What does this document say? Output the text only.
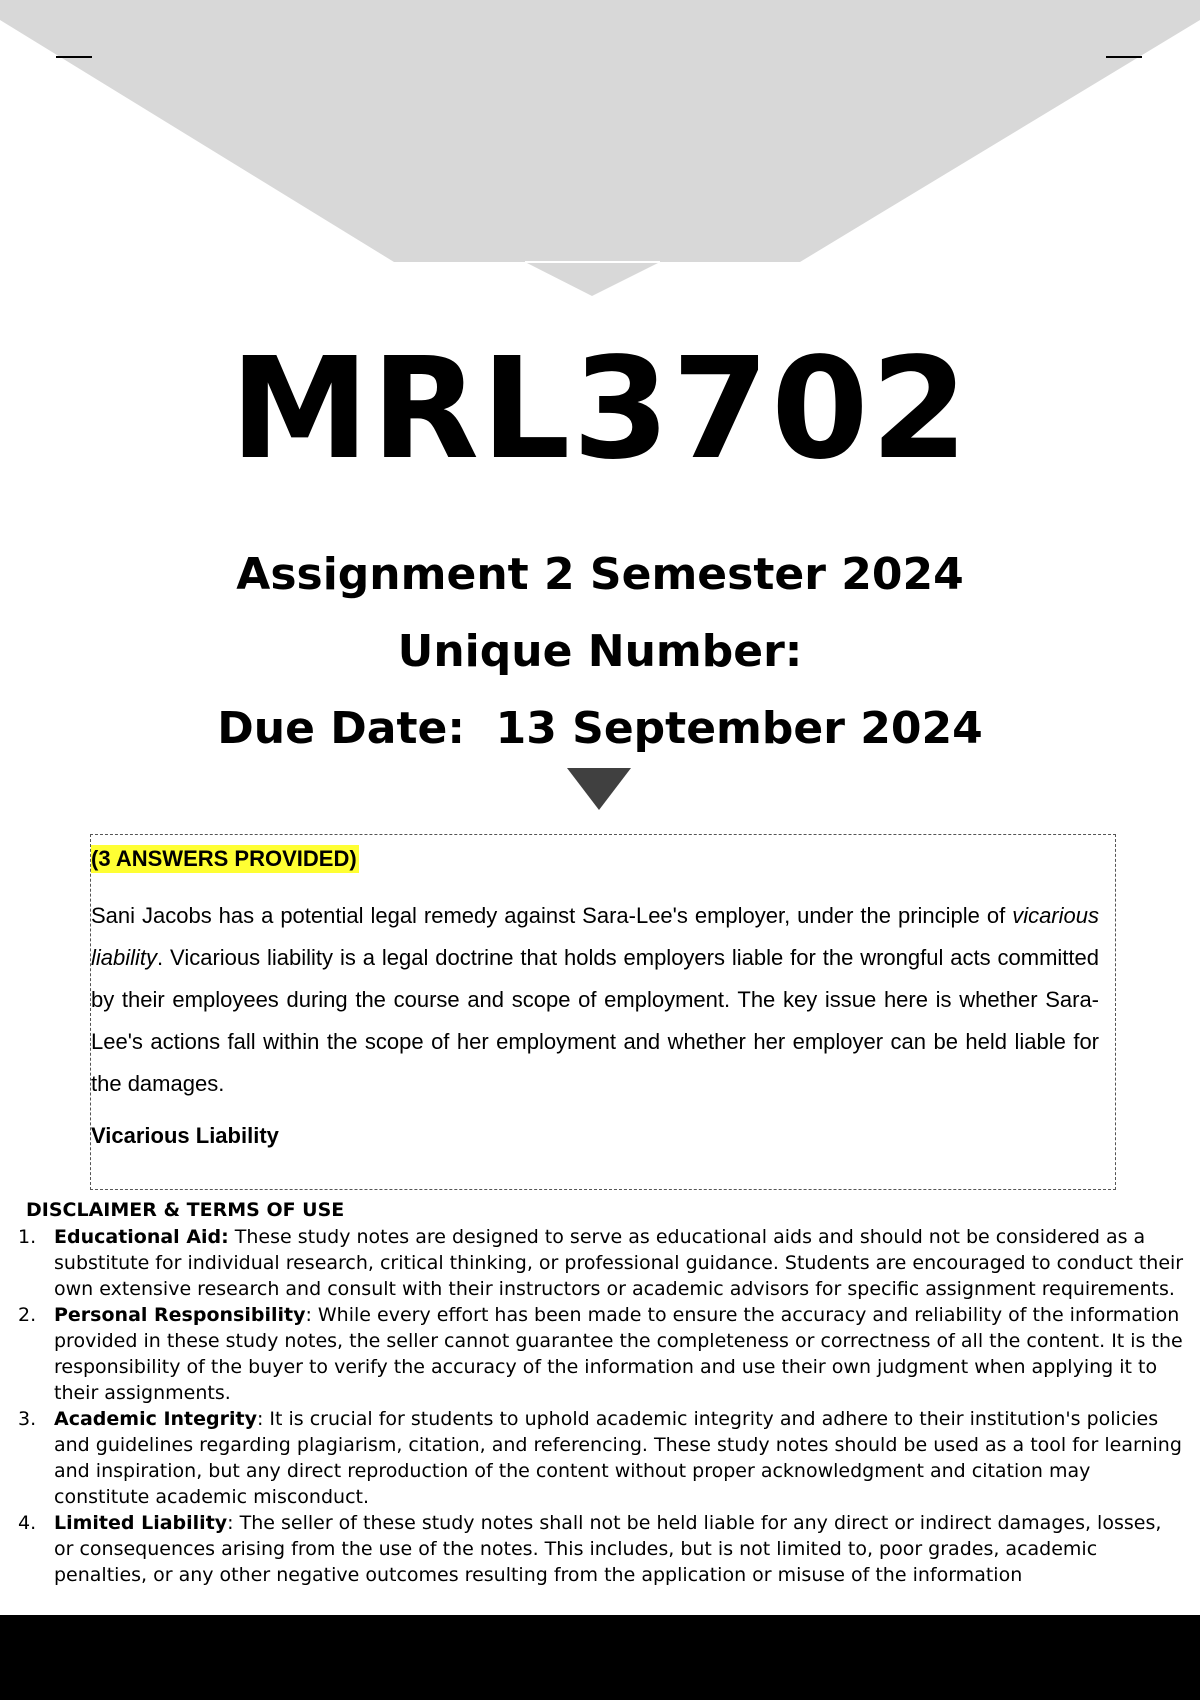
MRL3702
Assignment 2 Semester 2024
Unique Number:
Due Date:  13 September 2024
(3 ANSWERS PROVIDED)

Sani Jacobs has a potential legal remedy against Sara-Lee's employer, under the principle of vicarious liability. Vicarious liability is a legal doctrine that holds employers liable for the wrongful acts committed by their employees during the course and scope of employment. The key issue here is whether Sara-Lee's actions fall within the scope of her employment and whether her employer can be held liable for the damages.

Vicarious Liability
DISCLAIMER & TERMS OF USE
1. Educational Aid: These study notes are designed to serve as educational aids and should not be considered as a substitute for individual research, critical thinking, or professional guidance. Students are encouraged to conduct their own extensive research and consult with their instructors or academic advisors for specific assignment requirements.
2. Personal Responsibility: While every effort has been made to ensure the accuracy and reliability of the information provided in these study notes, the seller cannot guarantee the completeness or correctness of all the content. It is the responsibility of the buyer to verify the accuracy of the information and use their own judgment when applying it to their assignments.
3. Academic Integrity: It is crucial for students to uphold academic integrity and adhere to their institution's policies and guidelines regarding plagiarism, citation, and referencing. These study notes should be used as a tool for learning and inspiration, but any direct reproduction of the content without proper acknowledgment and citation may constitute academic misconduct.
4. Limited Liability: The seller of these study notes shall not be held liable for any direct or indirect damages, losses, or consequences arising from the use of the notes. This includes, but is not limited to, poor grades, academic penalties, or any other negative outcomes resulting from the application or misuse of the information
